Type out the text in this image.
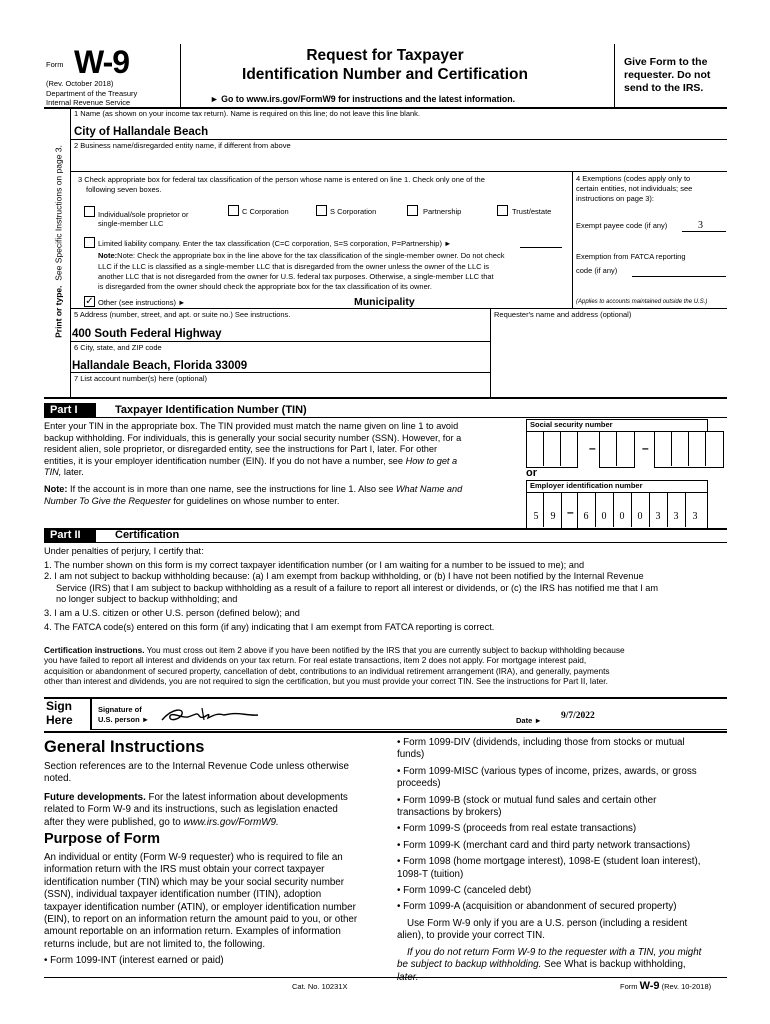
Form W-9
(Rev. October 2018)
Department of the Treasury
Internal Revenue Service
Request for Taxpayer
Identification Number and Certification
► Go to www.irs.gov/FormW9 for instructions and the latest information.
Give Form to the
requester. Do not
send to the IRS.
Print or type.  See Specific Instructions on page 3.
1 Name (as shown on your income tax return). Name is required on this line; do not leave this line blank.
City of Hallandale Beach
2 Business name/disregarded entity name, if different from above
3 Check appropriate box for federal tax classification of the person whose name is entered on line 1. Check only one of the
following seven boxes.
Individual/sole proprietor or
single-member LLC
C Corporation	S Corporation	Partnership	Trust/estate
Limited liability company. Enter the tax classification (C=C corporation, S=S corporation, P=Partnership) ►
Note:Note: Check the appropriate box in the line above for the tax classification of the single-member owner. Do not check
LLC if the LLC is classified as a single-member LLC that is disregarded from the owner unless the owner of the LLC is
another LLC that is not disregarded from the owner for U.S. federal tax purposes. Otherwise, a single-member LLC that
is disregarded from the owner should check the appropriate box for the tax classification of its owner.
✓ Other (see instructions) ►	Municipality
4 Exemptions (codes apply only to
certain entities, not individuals; see
instructions on page 3):
Exempt payee code (if any)	3
Exemption from FATCA reporting
code (if any)
(Applies to accounts maintained outside the U.S.)
5 Address (number, street, and apt. or suite no.) See instructions.
400 South Federal Highway
Requester's name and address (optional)
6 City, state, and ZIP code
Hallandale Beach, Florida 33009
7 List account number(s) here (optional)
Part I	Taxpayer Identification Number (TIN)
Enter your TIN in the appropriate box. The TIN provided must match the name given on line 1 to avoid
backup withholding. For individuals, this is generally your social security number (SSN). However, for a
resident alien, sole proprietor, or disregarded entity, see the instructions for Part I, later. For other
entities, it is your employer identification number (EIN). If you do not have a number, see How to get a
TIN, later.
Note: If the account is in more than one name, see the instructions for line 1. Also see What Name and
Number To Give the Requester for guidelines on whose number to enter.
Social security number
–	–
or
Employer identification number
–
5	9	6	0	0	0	3	3	3
Part II	Certification
Under penalties of perjury, I certify that:
1. The number shown on this form is my correct taxpayer identification number (or I am waiting for a number to be issued to me); and
2. I am not subject to backup withholding because: (a) I am exempt from backup withholding, or (b) I have not been notified by the Internal Revenue
Service (IRS) that I am subject to backup withholding as a result of a failure to report all interest or dividends, or (c) the IRS has notified me that I am
no longer subject to backup withholding; and
3. I am a U.S. citizen or other U.S. person (defined below); and
4. The FATCA code(s) entered on this form (if any) indicating that I am exempt from FATCA reporting is correct.
Certification instructions. You must cross out item 2 above if you have been notified by the IRS that you are currently subject to backup withholding because
you have failed to report all interest and dividends on your tax return. For real estate transactions, item 2 does not apply. For mortgage interest paid,
acquisition or abandonment of secured property, cancellation of debt, contributions to an individual retirement arrangement (IRA), and generally, payments
other than interest and dividends, you are not required to sign the certification, but you must provide your correct TIN. See the instructions for Part II, later.
Sign
Here
Signature of
U.S. person ►	Date ► 9/7/2022
General Instructions
Section references are to the Internal Revenue Code unless otherwise
noted.
Future developments. For the latest information about developments
related to Form W-9 and its instructions, such as legislation enacted
after they were published, go to www.irs.gov/FormW9.
Purpose of Form
An individual or entity (Form W-9 requester) who is required to file an
information return with the IRS must obtain your correct taxpayer
identification number (TIN) which may be your social security number
(SSN), individual taxpayer identification number (ITIN), adoption
taxpayer identification number (ATIN), or employer identification number
(EIN), to report on an information return the amount paid to you, or other
amount reportable on an information return. Examples of information
returns include, but are not limited to, the following.
• Form 1099-INT (interest earned or paid)
• Form 1099-DIV (dividends, including those from stocks or mutual
funds)
• Form 1099-MISC (various types of income, prizes, awards, or gross
proceeds)
• Form 1099-B (stock or mutual fund sales and certain other
transactions by brokers)
• Form 1099-S (proceeds from real estate transactions)
• Form 1099-K (merchant card and third party network transactions)
• Form 1098 (home mortgage interest), 1098-E (student loan interest),
1098-T (tuition)
• Form 1099-C (canceled debt)
• Form 1099-A (acquisition or abandonment of secured property)
Use Form W-9 only if you are a U.S. person (including a resident
alien), to provide your correct TIN.
If you do not return Form W-9 to the requester with a TIN, you might
be subject to backup withholding. See What is backup withholding,
later.
Cat. No. 10231X	Form W-9 (Rev. 10-2018)
